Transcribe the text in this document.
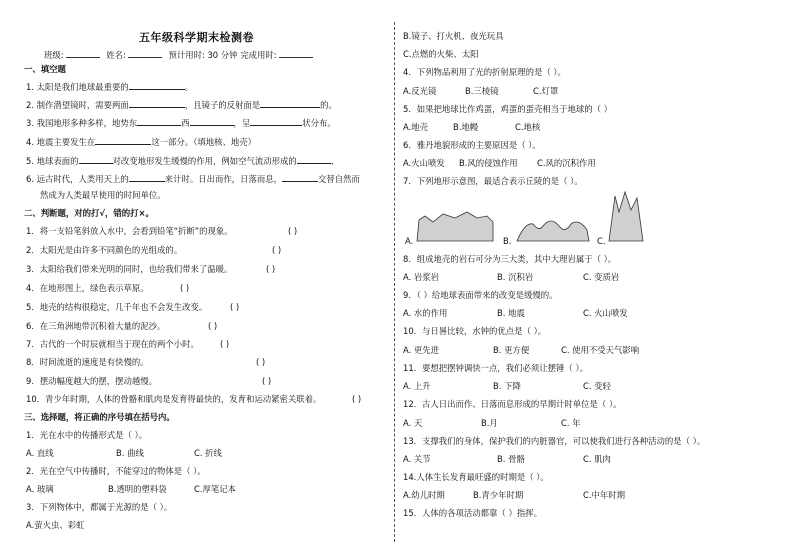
五年级科学期末检测卷
班级:	姓名:	预计用时: 30 分钟 完成用时:
一、填空题
1. 太阳是我们地球最重要的	。
2. 制作潜望镜时，需要两面	，且镜子的反射面是	的。
3. 我国地形多种多样，地势东	西	，呈	状分布。
4. 地震主要发生在	这一部分。（填地核、地壳）
5. 地球表面的	对改变地形发生缓慢的作用，例如空气流动形成的	、
6. 远古时代，人类用天上的	来计时。日出而作，日落而息，	交替自然而
然成为人类最早使用的时间单位。
二、判断题，对的打√，错的打×。
1．将一支铅笔斜放入水中，会看到铅笔“折断”的现象。	( )
2．太阳光是由许多不同颜色的光组成的。	( )
3．太阳给我们带来光明的同时，也给我们带来了温暖。	( )
4．在地形图上，绿色表示草原。	( )
5．地壳的结构很稳定，几千年也不会发生改变。	( )
6．在三角洲地带沉积着大量的泥沙。	( )
7．古代的一个时辰就相当于现在的两个小时。	( )
8．时间流逝的速度是有快慢的。	( )
9．摆动幅度越大的摆，摆动越慢。	( )
10．青少年时期，人体的骨骼和肌肉是发育得最快的，发育和运动紧密关联着。	( )
三、选择题，将正确的序号填在括号内。
1．光在水中的传播形式是（ ）。
A. 直线	B. 曲线	C. 折线
2．光在空气中传播时，不能穿过的物体是（ ）。
A. 玻璃	B.透明的塑料袋	C.厚笔记本
3．下列物体中，都属于光源的是（ ）。
A.萤火虫、彩虹
B.镜子、打火机、夜光玩具
C.点燃的火柴、太阳
4．下列物品利用了光的折射原理的是（ ）。
A.反光镜	B.三棱镜	C.灯罩
5．如果把地球比作鸡蛋，鸡蛋的蛋壳相当于地球的（ ）
A.地壳	B.地幔	C.地核
6．雅丹地貌形成的主要原因是（ ）。
A.火山喷发 B.风的侵蚀作用 C.风的沉积作用
7．下列地形示意图，最适合表示丘陵的是（ ）。
A.	B.	C.
8．组成地壳的岩石可分为三大类，其中大理岩属于（ ）。
A. 岩浆岩	B. 沉积岩	C. 变质岩
9．（ ）给地球表面带来的改变是缓慢的。
A. 水的作用	B. 地震	C. 火山喷发
10．与日晷比较，水钟的优点是（ ）。
A. 更先进	B. 更方便	C. 使用不受天气影响
11．要想把摆钟调快一点，我们必须让摆锤（ ）。
A. 上升	B. 下降	C. 变轻
12．古人日出而作、日落而息形成的早期计时单位是（ ）。
A. 天	B.月	C. 年
13．支撑我们的身体，保护我们的内脏器官，可以使我们进行各种活动的是（ ）。
A. 关节	B. 骨骼	C. 肌肉
14.人体生长发育最旺盛的时期是（ ）。
A.幼儿时期	B.青少年时期	C.中年时期
15．人体的各项活动都靠（ ）指挥。
